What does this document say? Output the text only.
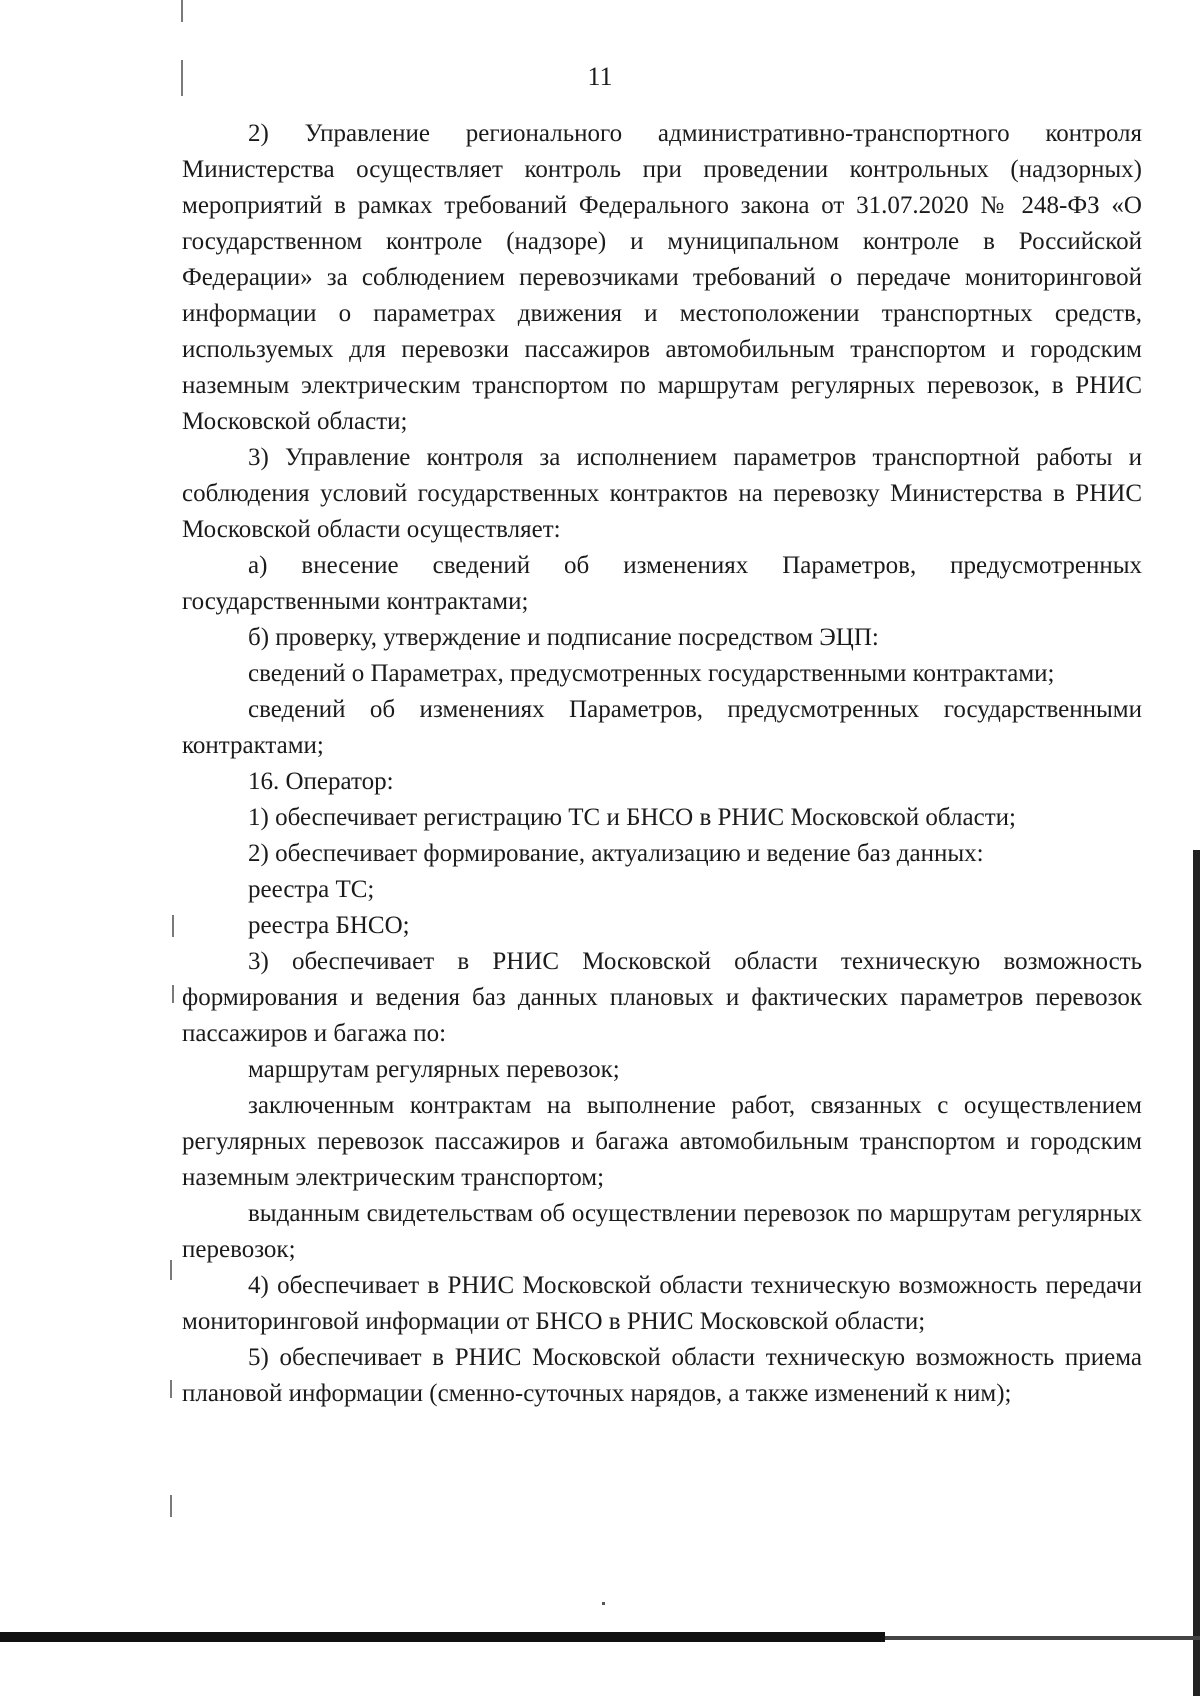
11

2) Управление регионального административно-транспортного контроля Министерства осуществляет контроль при проведении контрольных (надзорных) мероприятий в рамках требований Федерального закона от 31.07.2020 № 248-ФЗ «О государственном контроле (надзоре) и муниципальном контроле в Российской Федерации» за соблюдением перевозчиками требований о передаче мониторинговой информации о параметрах движения и местоположении транспортных средств, используемых для перевозки пассажиров автомобильным транспортом и городским наземным электрическим транспортом по маршрутам регулярных перевозок, в РНИС Московской области;

3) Управление контроля за исполнением параметров транспортной работы и соблюдения условий государственных контрактов на перевозку Министерства в РНИС Московской области осуществляет:

а) внесение сведений об изменениях Параметров, предусмотренных государственными контрактами;

б) проверку, утверждение и подписание посредством ЭЦП:

сведений о Параметрах, предусмотренных государственными контрактами;

сведений об изменениях Параметров, предусмотренных государственными контрактами;

16. Оператор:

1) обеспечивает регистрацию ТС и БНСО в РНИС Московской области;

2) обеспечивает формирование, актуализацию и ведение баз данных:

реестра ТС;

реестра БНСО;

3) обеспечивает в РНИС Московской области техническую возможность формирования и ведения баз данных плановых и фактических параметров перевозок пассажиров и багажа по:

маршрутам регулярных перевозок;

заключенным контрактам на выполнение работ, связанных с осуществлением регулярных перевозок пассажиров и багажа автомобильным транспортом и городским наземным электрическим транспортом;

выданным свидетельствам об осуществлении перевозок по маршрутам регулярных перевозок;

4) обеспечивает в РНИС Московской области техническую возможность передачи мониторинговой информации от БНСО в РНИС Московской области;

5) обеспечивает в РНИС Московской области техническую возможность приема плановой информации (сменно-суточных нарядов, а также изменений к ним);
